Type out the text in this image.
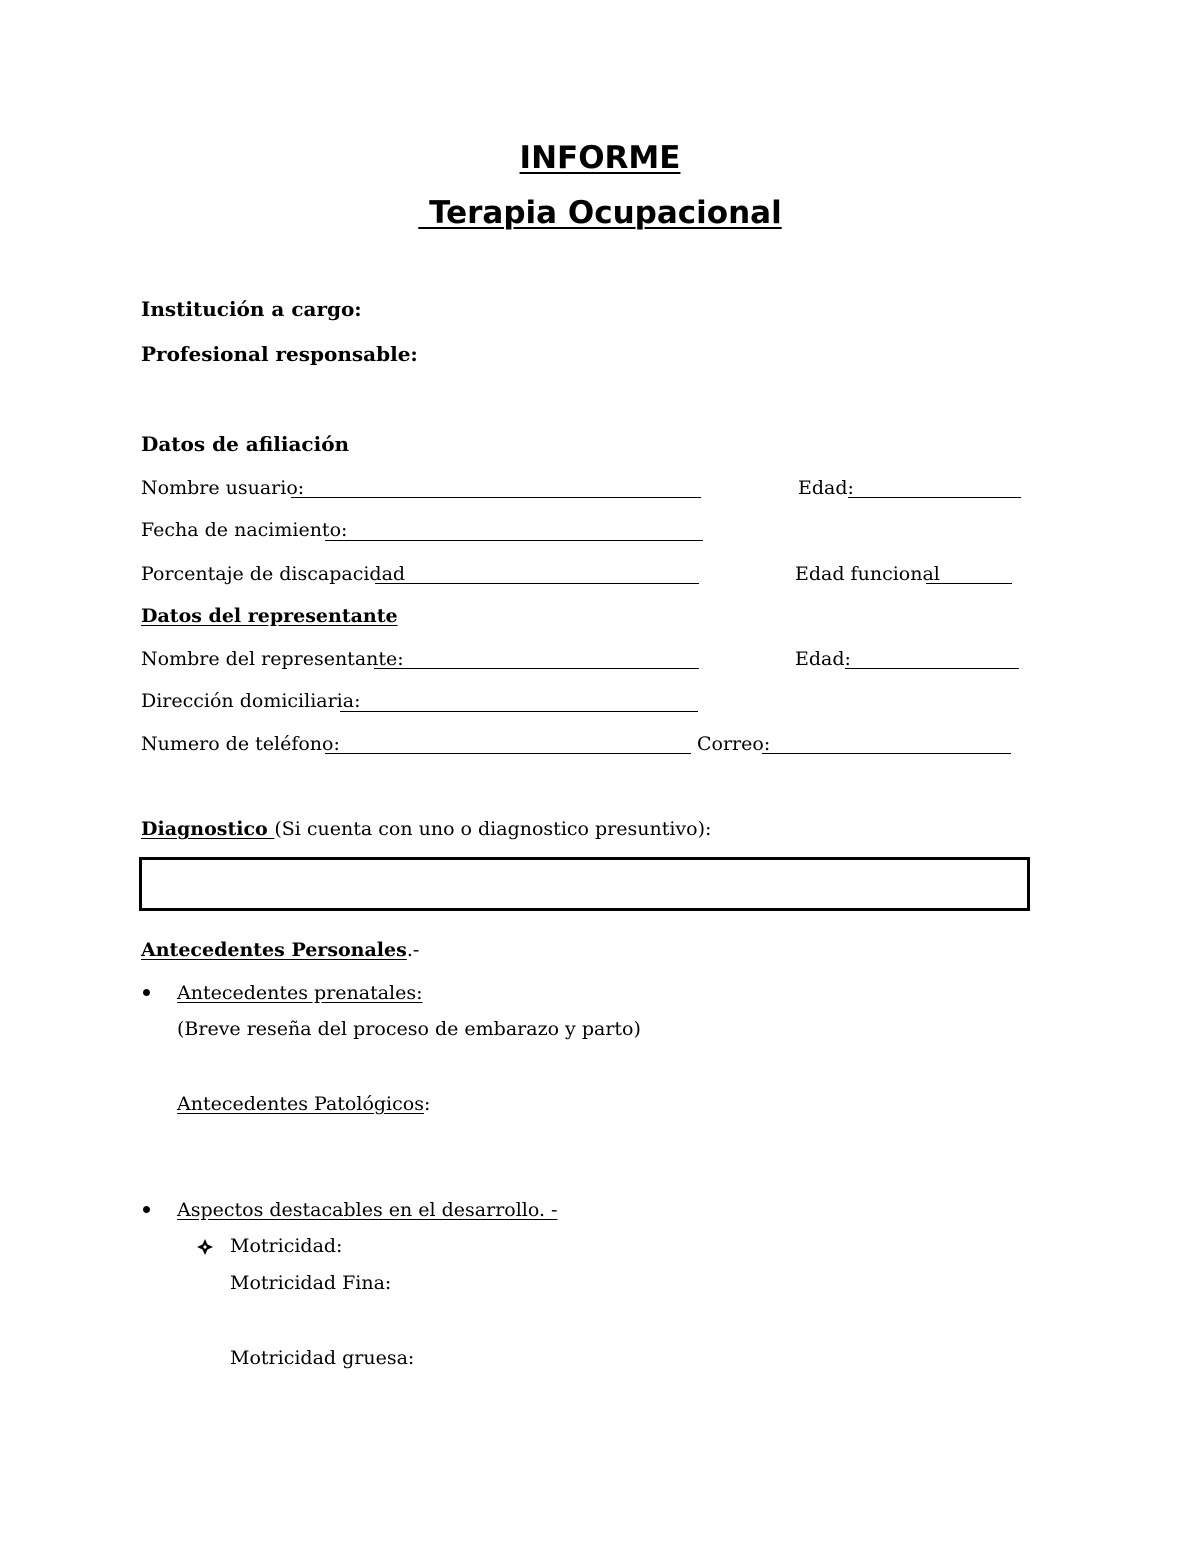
INFORME
Terapia Ocupacional
Institución a cargo:
Profesional responsable:
Datos de afiliación
Nombre usuario:	Edad:
Fecha de nacimiento:
Porcentaje de discapacidad	Edad funcional
Datos del representante
Nombre del representante:	Edad:
Dirección domiciliaria:
Numero de teléfono:	Correo:
Diagnostico (Si cuenta con uno o diagnostico presuntivo):
Antecedentes Personales.-
Antecedentes prenatales:
(Breve reseña del proceso de embarazo y parto)
Antecedentes Patológicos:
Aspectos destacables en el desarrollo. -
Motricidad:
Motricidad Fina:
Motricidad gruesa:
